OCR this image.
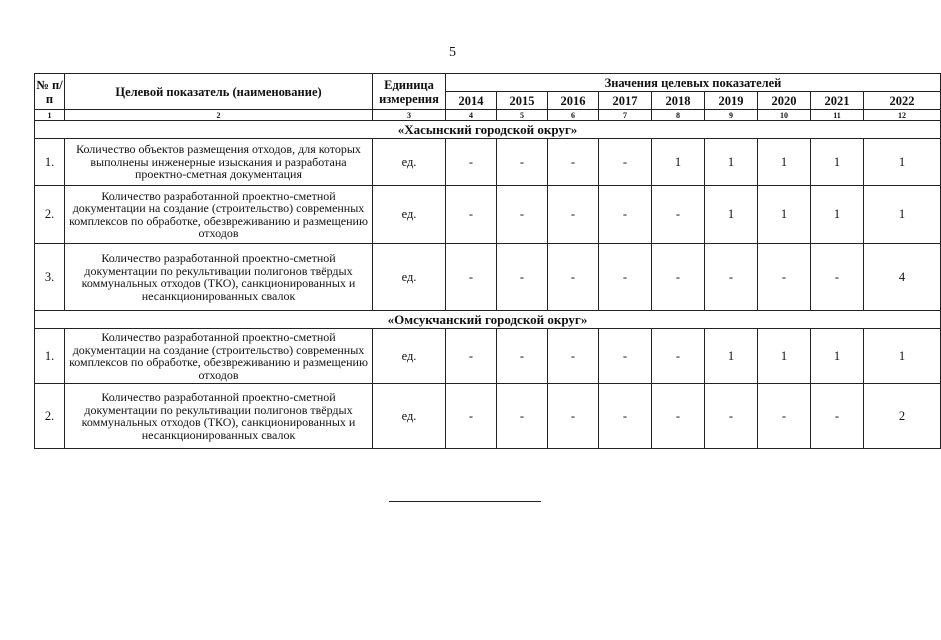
5
№ п/п	Целевой показатель (наименование)	Единица измерения	Значения целевых показателей								
			2014	2015	2016	2017	2018	2019	2020	2021	2022
1	2	3	4	5	6	7	8	9	10	11	12
«Хасынский городской округ»											
1.	Количество объектов размещения отходов, для которых выполнены инженерные изыскания и разработана проектно-сметная документация	ед.	-	-	-	-	1	1	1	1	1
2.	Количество разработанной проектно-сметной документации на создание (строительство) современных комплексов по обработке, обезвреживанию и размещению отходов	ед.	-	-	-	-	-	1	1	1	1
3.	Количество разработанной проектно-сметной документации по рекультивации полигонов твёрдых коммунальных отходов (ТКО), санкционированных и несанкционированных свалок	ед.	-	-	-	-	-	-	-	-	4
«Омсукчанский городской округ»											
1.	Количество разработанной проектно-сметной документации на создание (строительство) современных комплексов по обработке, обезвреживанию и размещению отходов	ед.	-	-	-	-	-	1	1	1	1
2.	Количество разработанной проектно-сметной документации по рекультивации полигонов твёрдых коммунальных отходов (ТКО), санкционированных и несанкционированных свалок	ед.	-	-	-	-	-	-	-	-	2
